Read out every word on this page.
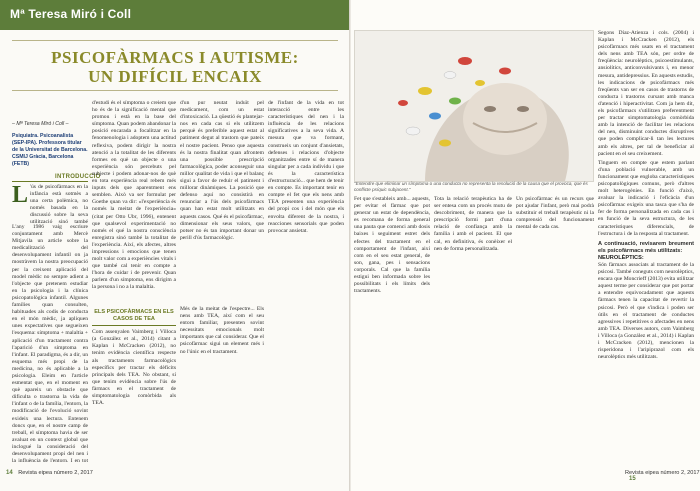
Mª Teresa Miró i Coll
PSICOFÀRMACS I AUTISME:
UN DIFÍCIL ENCAIX
– Mª Teresa Miró i Coll –
Psiquiatra. Psicoanalista (SEP-IPA). Professora titular de la Universitat de Barcelona. CSMIJ Gràcia, Barcelona (FETB)
INTRODUCCIÓ
L 'ús de psicofàrmacs en la infància està sotmès a una certa polèmica, no només basada en la discussió sobre la seva utilització sinó també

L'any 1986 vaig escriure conjuntament amb Mercè Mitjavila un article sobre la medicalització del desenvolupament infantil on ja mostràvem la nostra preocupació per la creixent aplicació del model mèdic no sempre adient a l'objecte que pretenem estudiar en la psicologia i la clínica psicopatològica infantil. Algunes famílies quan consulten, habituades als codis de conducta en el món mèdic, ja apliquen unes expectatives que segueixen l'esquema: símptoma + malaltia + aplicació d'un tractament contra l'aparició d'un símptoma en l'infant. El paradigma, és a dir, un esquema més propi de la medicina, no és aplicable a la psicologia. Eleim en l'article esmentat que, en el moment en què apareix un obstacle que dificulta o trastorna la vida de l'infant o de la família, l'entorn, la modificació de l'evolució sovint exideix una lectura. Entenem doncs que, en el nostre camp de treball, el símptoma havia de ser avaluat en un context global que inclogué la consideració del desenvolupament propi del nen i la influència de l'entorn. I en tot

d'estudi és el símptoma o creiem que ho és de la significació mental que promou i està en la base del símptoma. Quan podem abandonar la posició encarada a focalitzar en la fenomenologia i adoptem una actitud reflexiva, podem dirigir la nostra atenció a la totalitat de les diferents formes en què un objecte o una experiència són percebuts pel subjecte i podem adonar-nos de què en tota experiència real rebem més inputs dels que aparentment ens semblen. Això va ser formulat per Goethe quan va dir: «l'experiència és només la meitat de l'experiència» (citat per Otto Ubr, 1996), entenent que qualsevol experimentació no només el qué la nostra consciència enregistra sinó també la totalitat de l'experiència. Així, els afectes, altres impressions i emocions que tenen molt valor com a experiències vitals i que també cal tenir en compte a l'hora de cuidar i de prevenir. Quan parlem d'un símptoma, ens dirigim a la persona i no a la malaltia.

ELS PSICOFÀRMACS EN ELS CASOS DE TEA

Com assenyalen Vaimberg i Villoca (a González et al., 2014) citant a Kaplan i McCracken (2012), no tenim evidència científica respecte als tractaments farmacològics específics per tractar els dèficits principals dels TEA. No obstant, sí que tenim evidència sobre l'ús de fàrmacs en el tractament de simptomatologia comòrbida als TEA.

d'un pur neutat induït pel medicament, com un estat d'intoxicació. La qüestió és plantejar-nos en cada cas si els utilitzem perquè és preferible aquest estat al patiment degut al trastorn que pateix el nostre pacient. Penso que aquesta és la nostra finalitat quan afrontem una possible prescripció farmacològica, poder aconseguir una millor qualitat de vida i que el balanç sigui a favor de reduir el patiment i millorar dinàmiques. La posició que defenso aquí no consistirà en renunciar a l'ús dels psicofàrmacs quan han estat molt utilitzats en aquests casos. Qué és el psicofàrmac, dimensionar els seus valors, que potser no és tan important donar un perill d'ús farmacològic.

Més de la meitat de l'espectre... Els nens amb TEA, així com el seu entorn familiar, presenten sovint necessitats emocionals molt importants que cal considerar. Que el psicofàrmac sigui un element més i no l'únic en el tractament.

de l'infant de la vida en tot interacció entre les característiques del nen i la influència de les relacions significatives a la seva vida. A mesura que va formant, construeix un conjunt d'ansietats, defenses i relacions d'objecte organitzades entre sí de manera singular per a cada individu i que és la característica d'estructuració... que hem de tenir en compte. Es important tenir en compte el fet que els nens amb TEA presenten una experiència del propi cos i del món que els envolta diferent de la nostra, i reacciones sensorials que poden provocar ansietat.

14 Revista eipea número 2, 2017
"Entendre que eliminar un símptoma o una conducta no representa la resolució de la causa que el provoca, que és conflicte psíquic subjacent."

Fet que s'estableix amb... aquests, per evitar el fàrmac que pot generar un estat de dependència, es recomana de forma general una pauta que comenci amb dosis baixes i seguiment estret dels efectes del tractament en el comportament de l'infant, així com en el seu estat general, de son, gana, pes i sensacions corporals. Cal que la família estigui ben informada sobre les possibilitats i els límits dels tractaments.

Tota la relació terapèutica ha de ser entesa com un procés mutu de descobriment, de manera que la prescripció formi part d'una relació de confiança amb la família i amb el pacient. El que cal, en definitiva, és conèixer el nen de forma personalitzada.

Un psicofàrmac és un recurs que pot ajudar l'infant, però mai podrà substituir el treball terapèutic ni la comprensió del funcionament mental de cada cas.

Segons Díaz-Atienza i cols. (2004) i Kaplan i McCracken (2012), els psicofàrmacs més usats en el tractament dels nens amb TEA són, per ordre de freqüència: neurolèptics, psicoestimulants, ansiolítics, anticonvulsivants i, en menor mesura, antidepressius. En aquests estudis, les indicacions de psicofàrmacs més freqüents van ser en casos de trastorns de conducta i trastorns cursant amb manca d'atenció i hiperactivitat. Com ja hem dit, els psicofàrmacs s'utilitzen preferentment per tractar simptomatologia comòrbida amb la intenció de facilitar les relacions del nen, disminuint conductes disruptives que poden complicar-li tan les lectures amb els altres, per tal de beneficiar al pacient en el seu creixement.

Tinguem en compte que estem parlant d'una població vulnerable, amb un funcionament que engloba característiques psicopatològiques comuns, però d'altres molt heterogènies. En funció d'això, avaluar la indicació i l'eficàcia d'un psicofàrmac exigeix una tasca que s'ha de fer de forma personalitzada en cada cas i en funció de la seva estructura, de les característiques diferencials, de l'estructura i de la resposta al tractament.

A continuació, revisarem breument els psicofàrmacs més utilitzats:

NEUROLÈPTICS:

Són fàrmacs associats al tractament de la psicosi. També coneguts com neurolèptics, encara que Moncrieff (2013) evita utilitzar aquest terme per considerar que pot portar a entendre equivocadament que aquests fàrmacs tenen la capacitat de revertir la psicosi. Però el que s'indica i poden ser útils en el tractament de conductes agressives i repetitives o afectades en nens amb TEA. Diverses autors, com Vaimberg i Villoca (a González et al., 2014) i Kaplan i McCracken (2012), mencionen la risperidona i l'aripiprazol com els neurolèptics més utilitzats.

Revista eipea número 2, 2017 15
